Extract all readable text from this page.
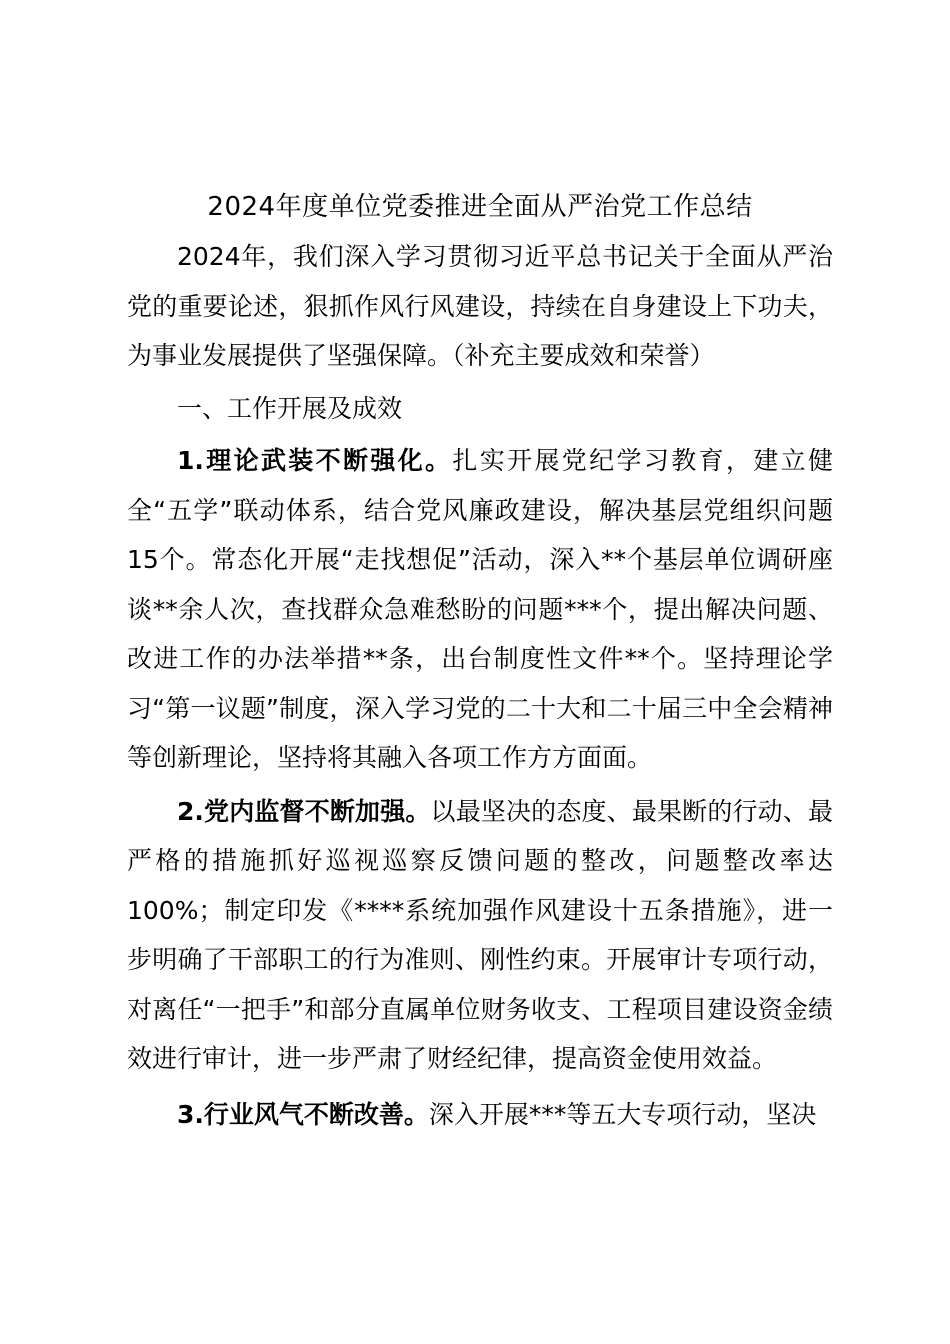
2024年度单位党委推进全面从严治党工作总结

2024年，我们深入学习贯彻习近平总书记关于全面从严治党的重要论述，狠抓作风行风建设，持续在自身建设上下功夫，为事业发展提供了坚强保障。（补充主要成效和荣誉）

一、工作开展及成效

1.理论武装不断强化。扎实开展党纪学习教育，建立健全“五学”联动体系，结合党风廉政建设，解决基层党组织问题15个。常态化开展“走找想促”活动，深入**个基层单位调研座谈**余人次，查找群众急难愁盼的问题***个，提出解决问题、改进工作的办法举措**条，出台制度性文件**个。坚持理论学习“第一议题”制度，深入学习党的二十大和二十届三中全会精神等创新理论，坚持将其融入各项工作方方面面。

2.党内监督不断加强。以最坚决的态度、最果断的行动、最严格的措施抓好巡视巡察反馈问题的整改，问题整改率达100%；制定印发《****系统加强作风建设十五条措施》，进一步明确了干部职工的行为准则、刚性约束。开展审计专项行动，对离任“一把手”和部分直属单位财务收支、工程项目建设资金绩效进行审计，进一步严肃了财经纪律，提高资金使用效益。

3.行业风气不断改善。深入开展***等五大专项行动，坚决
